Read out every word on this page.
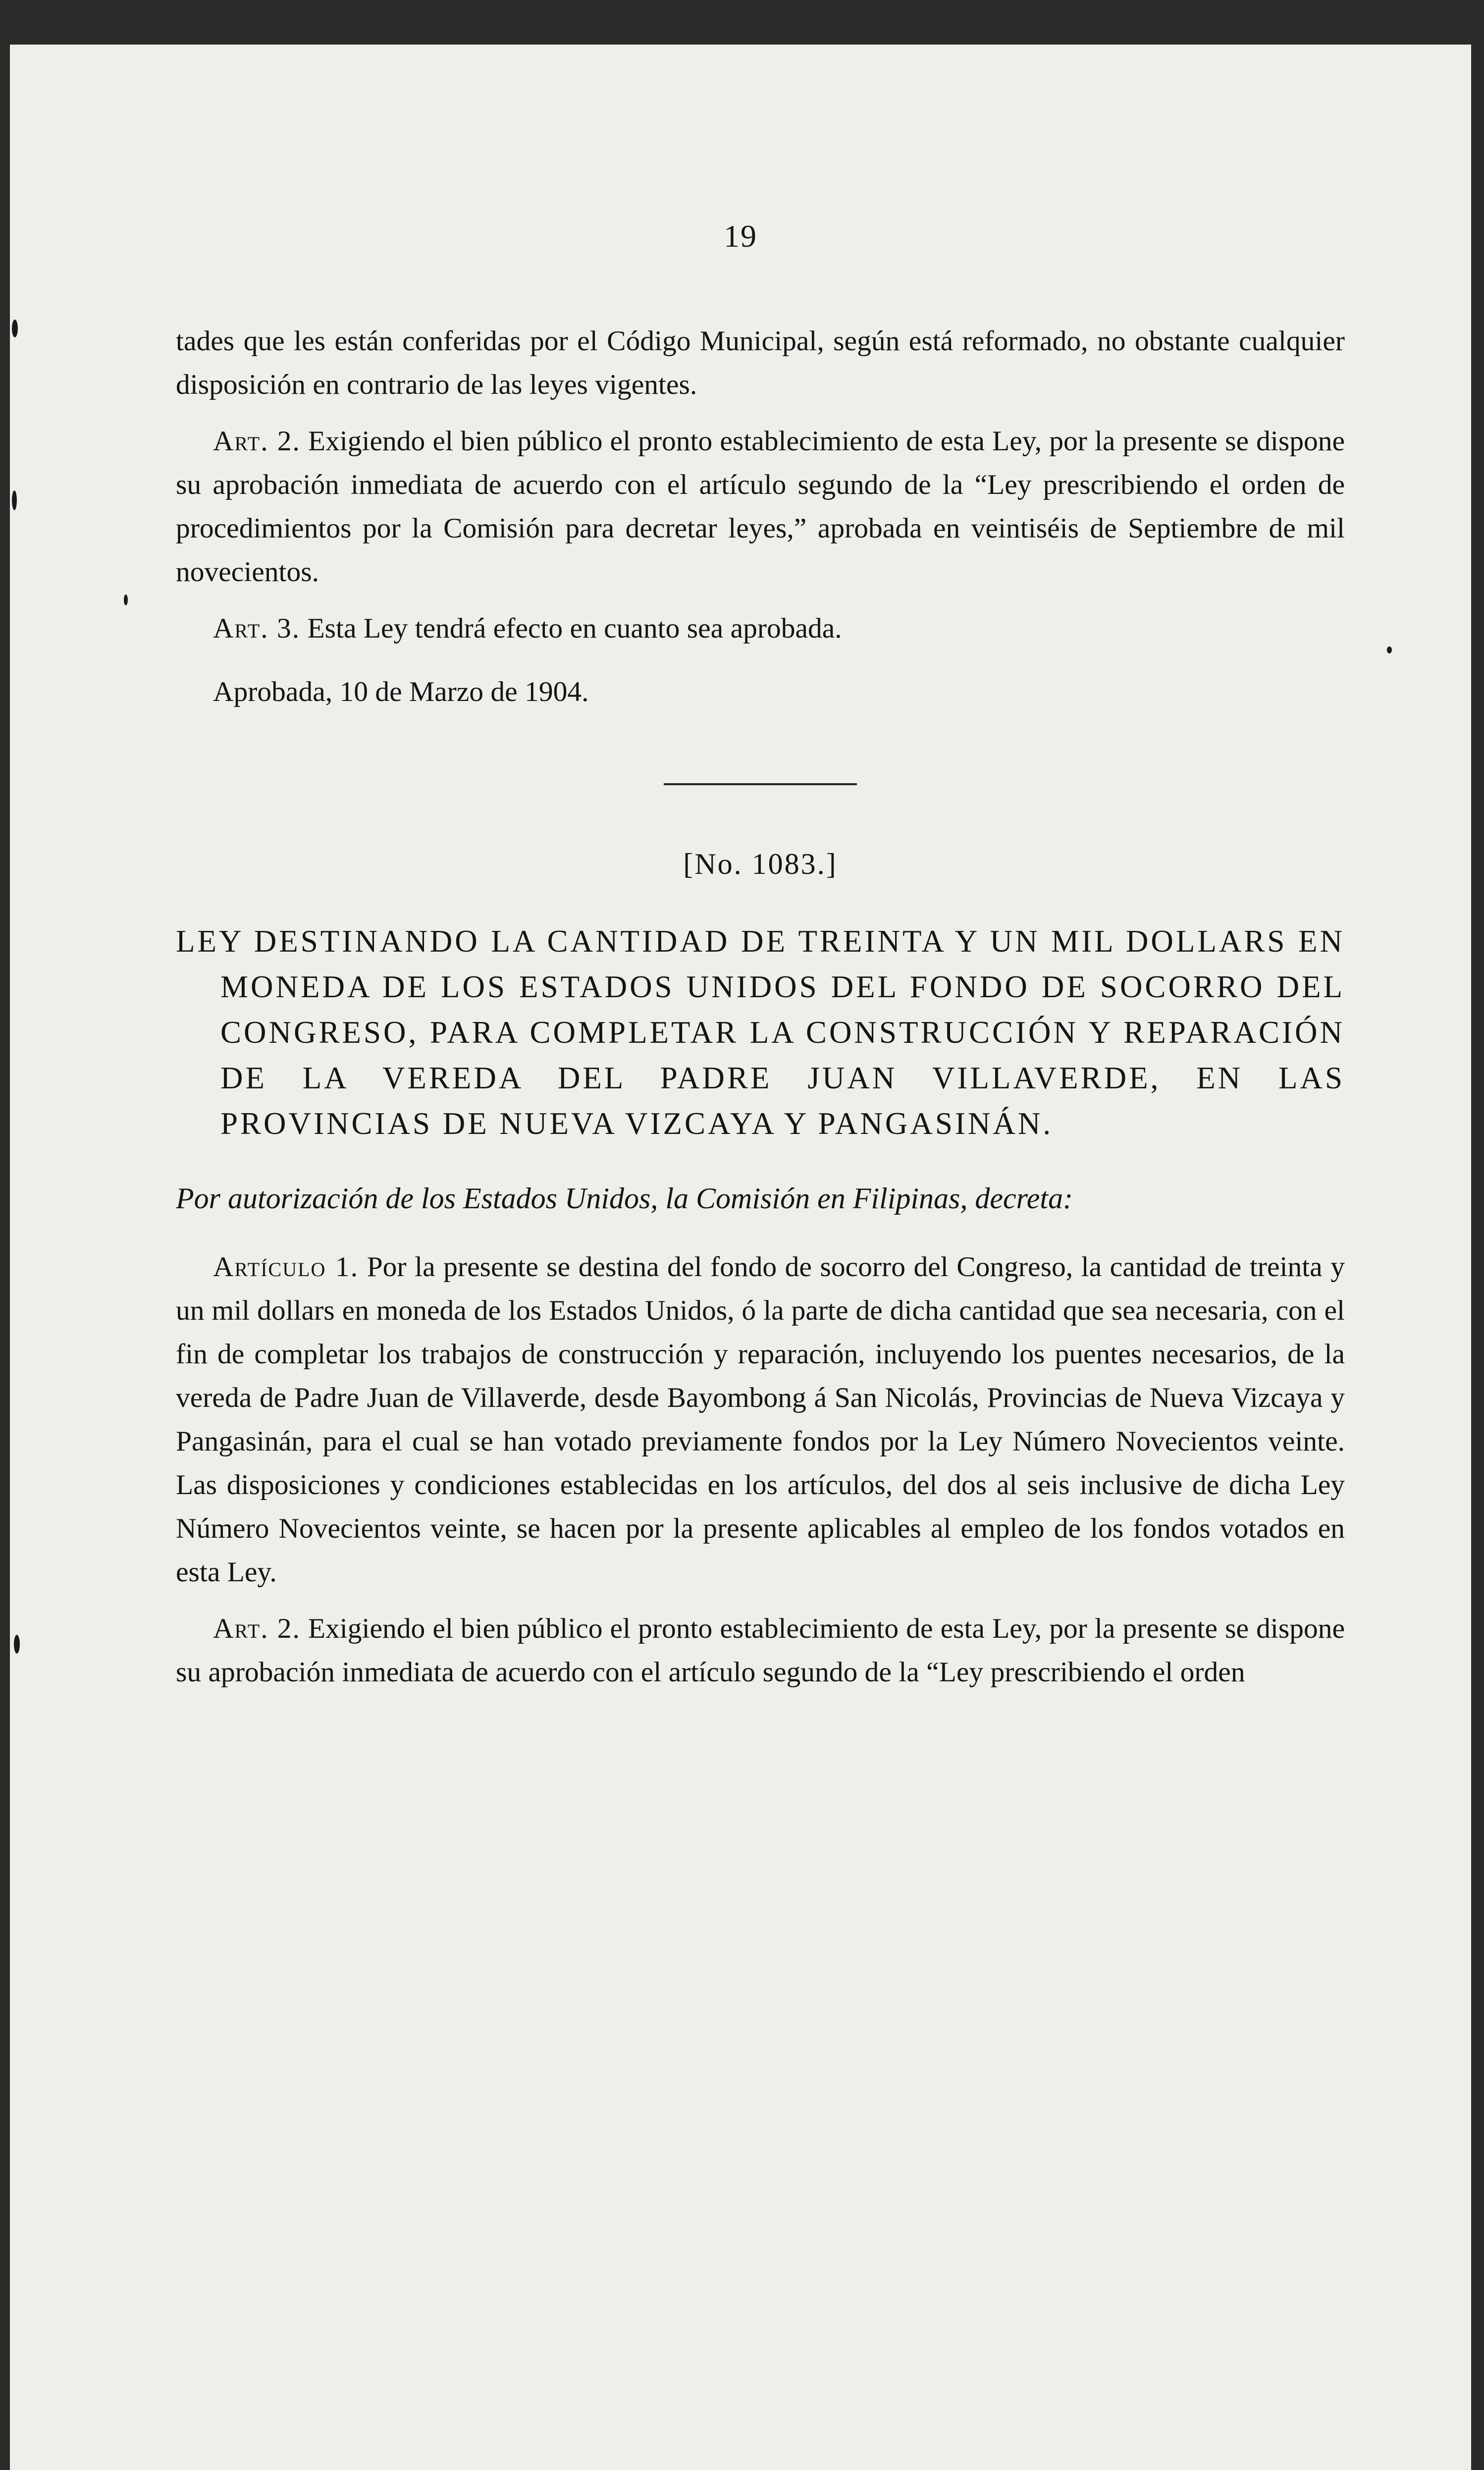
19

tades que les están conferidas por el Código Municipal, según está reformado, no obstante cualquier disposición en contrario de las leyes vigentes.

Art. 2. Exigiendo el bien público el pronto establecimiento de esta Ley, por la presente se dispone su aprobación inmediata de acuerdo con el artículo segundo de la “Ley prescribiendo el orden de procedimientos por la Comisión para decretar leyes,” aprobada en veintiséis de Septiembre de mil novecientos.

Art. 3. Esta Ley tendrá efecto en cuanto sea aprobada.

Aprobada, 10 de Marzo de 1904.

[No. 1083.]
LEY DESTINANDO LA CANTIDAD DE TREINTA Y UN MIL DOLLARS EN MONEDA DE LOS ESTADOS UNIDOS DEL FONDO DE SOCORRO DEL CONGRESO, PARA COMPLETAR LA CONSTRUCCIÓN Y REPARACIÓN DE LA VEREDA DEL PADRE JUAN VILLAVERDE, EN LAS PROVINCIAS DE NUEVA VIZCAYA Y PANGASINÁN.
Por autorización de los Estados Unidos, la Comisión en Filipinas, decreta:

Artículo 1. Por la presente se destina del fondo de socorro del Congreso, la cantidad de treinta y un mil dollars en moneda de los Estados Unidos, ó la parte de dicha cantidad que sea necesaria, con el fin de completar los trabajos de construcción y reparación, incluyendo los puentes necesarios, de la vereda de Padre Juan de Villaverde, desde Bayombong á San Nicolás, Provincias de Nueva Vizcaya y Pangasinán, para el cual se han votado previamente fondos por la Ley Número Novecientos veinte. Las disposiciones y condiciones establecidas en los artículos, del dos al seis inclusive de dicha Ley Número Novecientos veinte, se hacen por la presente aplicables al empleo de los fondos votados en esta Ley.

Art. 2. Exigiendo el bien público el pronto establecimiento de esta Ley, por la presente se dispone su aprobación inmediata de acuerdo con el artículo segundo de la “Ley prescribiendo el orden
